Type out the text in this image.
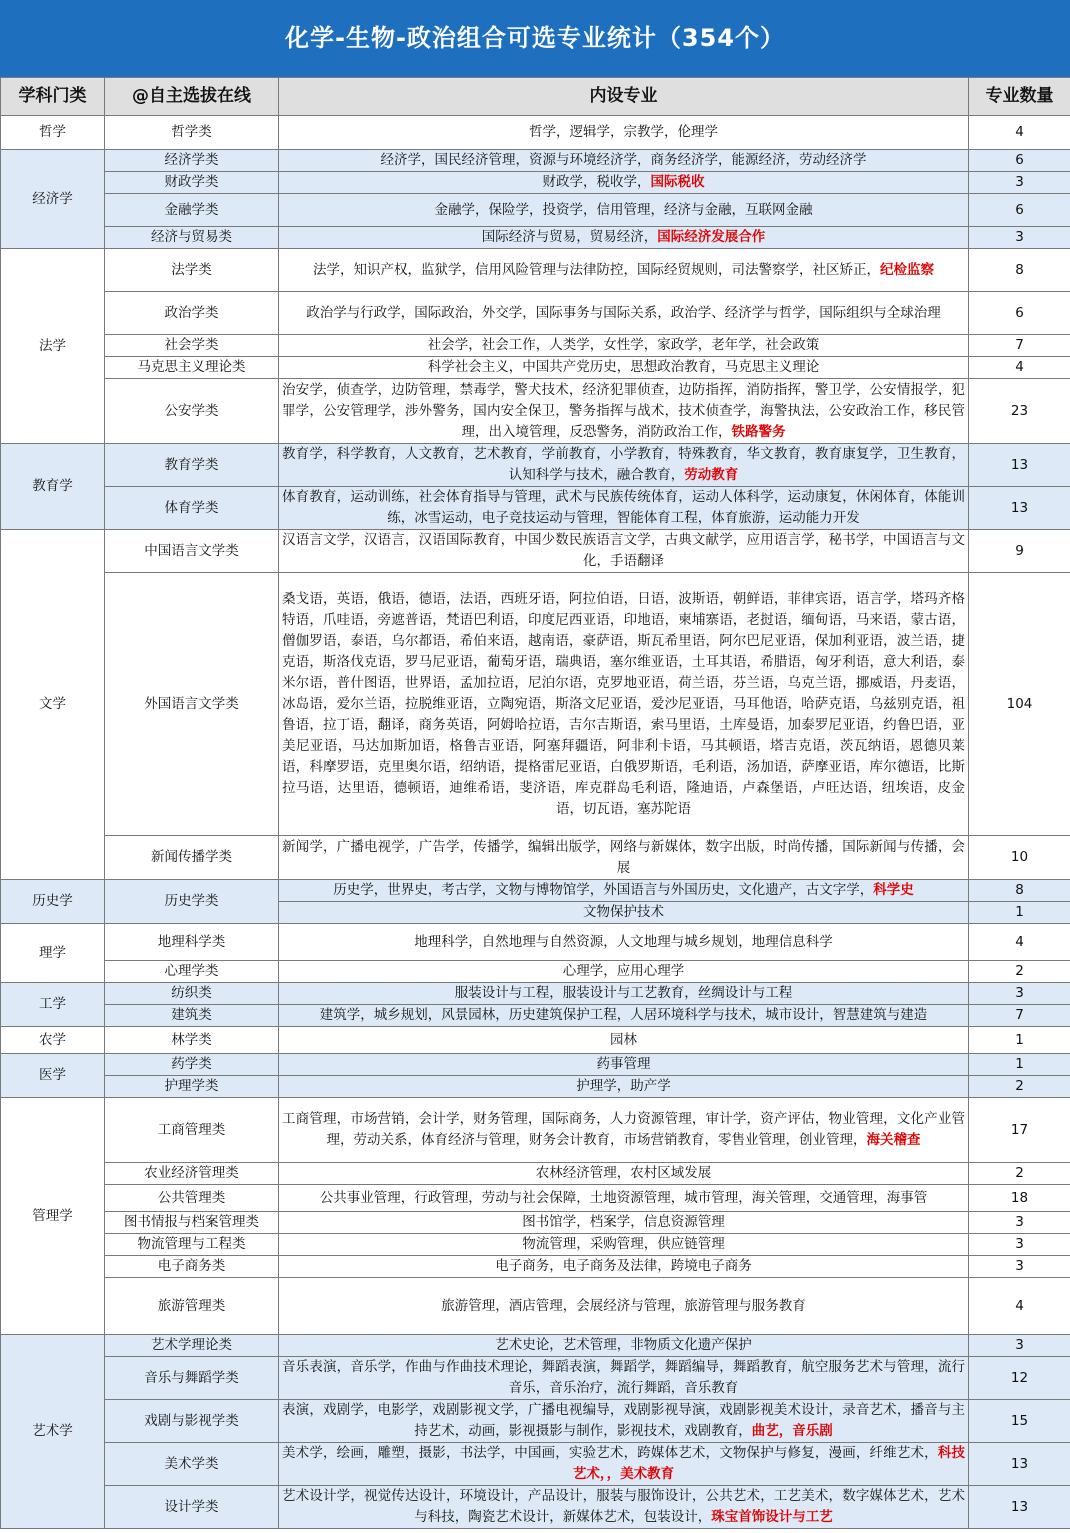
化学-生物-政治组合可选专业统计（354个）
学科门类	@自主选拔在线	内设专业	专业数量
哲学	哲学类	哲学，逻辑学，宗教学，伦理学	4
经济学	经济学类	经济学，国民经济管理，资源与环境经济学，商务经济学，能源经济，劳动经济学	6
	财政学类	财政学，税收学，国际税收	3
	金融学类	金融学，保险学，投资学，信用管理，经济与金融，互联网金融	6
	经济与贸易类	国际经济与贸易，贸易经济，国际经济发展合作	3
法学	法学类	法学，知识产权，监狱学，信用风险管理与法律防控，国际经贸规则，司法警察学，社区矫正，纪检监察	8
	政治学类	政治学与行政学，国际政治，外交学，国际事务与国际关系，政治学、经济学与哲学，国际组织与全球治理	6
	社会学类	社会学，社会工作，人类学，女性学，家政学，老年学，社会政策	7
	马克思主义理论类	科学社会主义，中国共产党历史，思想政治教育，马克思主义理论	4
	公安学类	治安学，侦查学，边防管理，禁毒学，警犬技术，经济犯罪侦查，边防指挥，消防指挥，警卫学，公安情报学，犯罪学，公安管理学，涉外警务，国内安全保卫，警务指挥与战术，技术侦查学，海警执法，公安政治工作，移民管理，出入境管理，反恐警务，消防政治工作，铁路警务	23
教育学	教育学类	教育学，科学教育，人文教育，艺术教育，学前教育，小学教育，特殊教育，华文教育，教育康复学，卫生教育，认知科学与技术，融合教育，劳动教育	13
	体育学类	体育教育，运动训练，社会体育指导与管理，武术与民族传统体育，运动人体科学，运动康复，休闲体育，体能训练，冰雪运动，电子竞技运动与管理，智能体育工程，体育旅游，运动能力开发	13
文学	中国语言文学类	汉语言文学，汉语言，汉语国际教育，中国少数民族语言文学，古典文献学，应用语言学，秘书学，中国语言与文化，手语翻译	9
	外国语言文学类	桑戈语，英语，俄语，德语，法语，西班牙语，阿拉伯语，日语，波斯语，朝鲜语，菲律宾语，语言学，塔玛齐格特语，爪哇语，旁遮普语，梵语巴利语，印度尼西亚语，印地语，柬埔寨语，老挝语，缅甸语，马来语，蒙古语，僧伽罗语，泰语，乌尔都语，希伯来语，越南语，豪萨语，斯瓦希里语，阿尔巴尼亚语，保加利亚语，波兰语，捷克语，斯洛伐克语，罗马尼亚语，葡萄牙语，瑞典语，塞尔维亚语，土耳其语，希腊语，匈牙利语，意大利语，泰米尔语，普什图语，世界语，孟加拉语，尼泊尔语，克罗地亚语，荷兰语，芬兰语，乌克兰语，挪威语，丹麦语，冰岛语，爱尔兰语，拉脱维亚语，立陶宛语，斯洛文尼亚语，爱沙尼亚语，马耳他语，哈萨克语，乌兹别克语，祖鲁语，拉丁语，翻译，商务英语，阿姆哈拉语，吉尔吉斯语，索马里语，土库曼语，加泰罗尼亚语，约鲁巴语，亚美尼亚语，马达加斯加语，格鲁吉亚语，阿塞拜疆语，阿非利卡语，马其顿语，塔吉克语，茨瓦纳语，恩德贝莱语，科摩罗语，克里奥尔语，绍纳语，提格雷尼亚语，白俄罗斯语，毛利语，汤加语，萨摩亚语，库尔德语，比斯拉马语，达里语，德顿语，迪维希语，斐济语，库克群岛毛利语，隆迪语，卢森堡语，卢旺达语，纽埃语，皮金语，切瓦语，塞苏陀语	104
	新闻传播学类	新闻学，广播电视学，广告学，传播学，编辑出版学，网络与新媒体，数字出版，时尚传播，国际新闻与传播，会展	10
历史学	历史学类	历史学，世界史，考古学，文物与博物馆学，外国语言与外国历史，文化遗产，古文字学，科学史	8
		文物保护技术	1
理学	地理科学类	地理科学，自然地理与自然资源，人文地理与城乡规划，地理信息科学	4
	心理学类	心理学，应用心理学	2
工学	纺织类	服装设计与工程，服装设计与工艺教育，丝绸设计与工程	3
	建筑类	建筑学，城乡规划，风景园林，历史建筑保护工程，人居环境科学与技术，城市设计，智慧建筑与建造	7
农学	林学类	园林	1
医学	药学类	药事管理	1
	护理学类	护理学，助产学	2
管理学	工商管理类	工商管理，市场营销，会计学，财务管理，国际商务，人力资源管理，审计学，资产评估，物业管理，文化产业管理，劳动关系，体育经济与管理，财务会计教育，市场营销教育，零售业管理，创业管理，海关稽查	17
	农业经济管理类	农林经济管理，农村区域发展	2
	公共管理类	公共事业管理，行政管理，劳动与社会保障，土地资源管理，城市管理，海关管理，交通管理，海事管	18
	图书情报与档案管理类	图书馆学，档案学，信息资源管理	3
	物流管理与工程类	物流管理，采购管理，供应链管理	3
	电子商务类	电子商务，电子商务及法律，跨境电子商务	3
	旅游管理类	旅游管理，酒店管理，会展经济与管理，旅游管理与服务教育	4
艺术学	艺术学理论类	艺术史论，艺术管理，非物质文化遗产保护	3
	音乐与舞蹈学类	音乐表演，音乐学，作曲与作曲技术理论，舞蹈表演，舞蹈学，舞蹈编导，舞蹈教育，航空服务艺术与管理，流行音乐，音乐治疗，流行舞蹈，音乐教育	12
	戏剧与影视学类	表演，戏剧学，电影学，戏剧影视文学，广播电视编导，戏剧影视导演，戏剧影视美术设计，录音艺术，播音与主持艺术，动画，影视摄影与制作，影视技术，戏剧教育，曲艺，音乐剧	15
	美术学类	美术学，绘画，雕塑，摄影，书法学，中国画，实验艺术，跨媒体艺术，文物保护与修复，漫画，纤维艺术，科技艺术，，美术教育	13
	设计学类	艺术设计学，视觉传达设计，环境设计，产品设计，服装与服饰设计，公共艺术，工艺美术，数字媒体艺术，艺术与科技，陶瓷艺术设计，新媒体艺术，包装设计，珠宝首饰设计与工艺	13
